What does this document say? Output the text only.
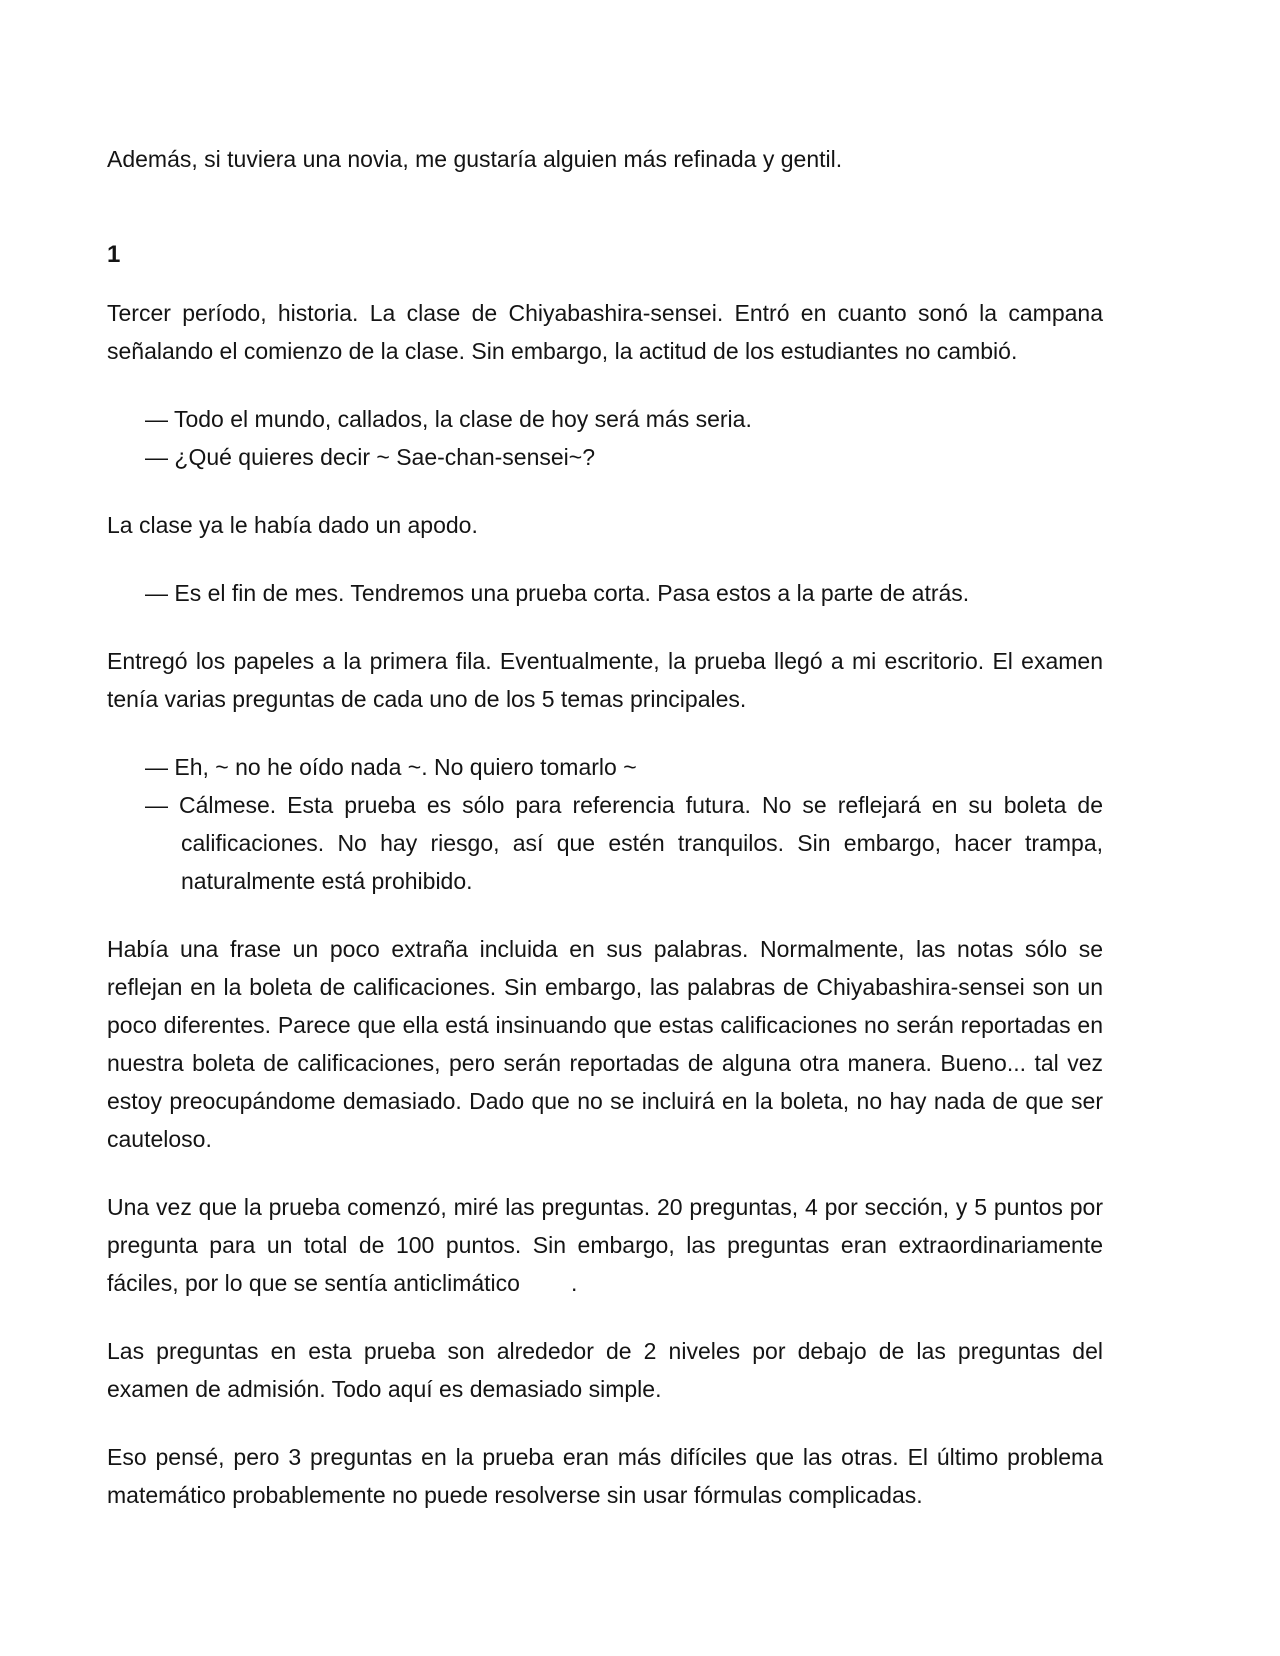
Además, si tuviera una novia, me gustaría alguien más refinada y gentil.

1

Tercer período, historia. La clase de Chiyabashira-sensei. Entró en cuanto sonó la campana señalando el comienzo de la clase. Sin embargo, la actitud de los estudiantes no cambió.

— Todo el mundo, callados, la clase de hoy será más seria.

— ¿Qué quieres decir ~ Sae-chan-sensei~?

La clase ya le había dado un apodo.

— Es el fin de mes. Tendremos una prueba corta. Pasa estos a la parte de atrás.

Entregó los papeles a la primera fila. Eventualmente, la prueba llegó a mi escritorio. El examen tenía varias preguntas de cada uno de los 5 temas principales.

— Eh, ~ no he oído nada ~. No quiero tomarlo ~

— Cálmese. Esta prueba es sólo para referencia futura. No se reflejará en su boleta de calificaciones. No hay riesgo, así que estén tranquilos. Sin embargo, hacer trampa, naturalmente está prohibido.

Había una frase un poco extraña incluida en sus palabras. Normalmente, las notas sólo se reflejan en la boleta de calificaciones. Sin embargo, las palabras de Chiyabashira-sensei son un poco diferentes. Parece que ella está insinuando que estas calificaciones no serán reportadas en nuestra boleta de calificaciones, pero serán reportadas de alguna otra manera. Bueno... tal vez estoy preocupándome demasiado. Dado que no se incluirá en la boleta, no hay nada de que ser cauteloso.

Una vez que la prueba comenzó, miré las preguntas. 20 preguntas, 4 por sección, y 5 puntos por pregunta para un total de 100 puntos. Sin embargo, las preguntas eran extraordinariamente fáciles, por lo que se sentía anticlimático        .

Las preguntas en esta prueba son alrededor de 2 niveles por debajo de las preguntas del examen de admisión. Todo aquí es demasiado simple.

Eso pensé, pero 3 preguntas en la prueba eran más difíciles que las otras. El último problema matemático probablemente no puede resolverse sin usar fórmulas complicadas.
